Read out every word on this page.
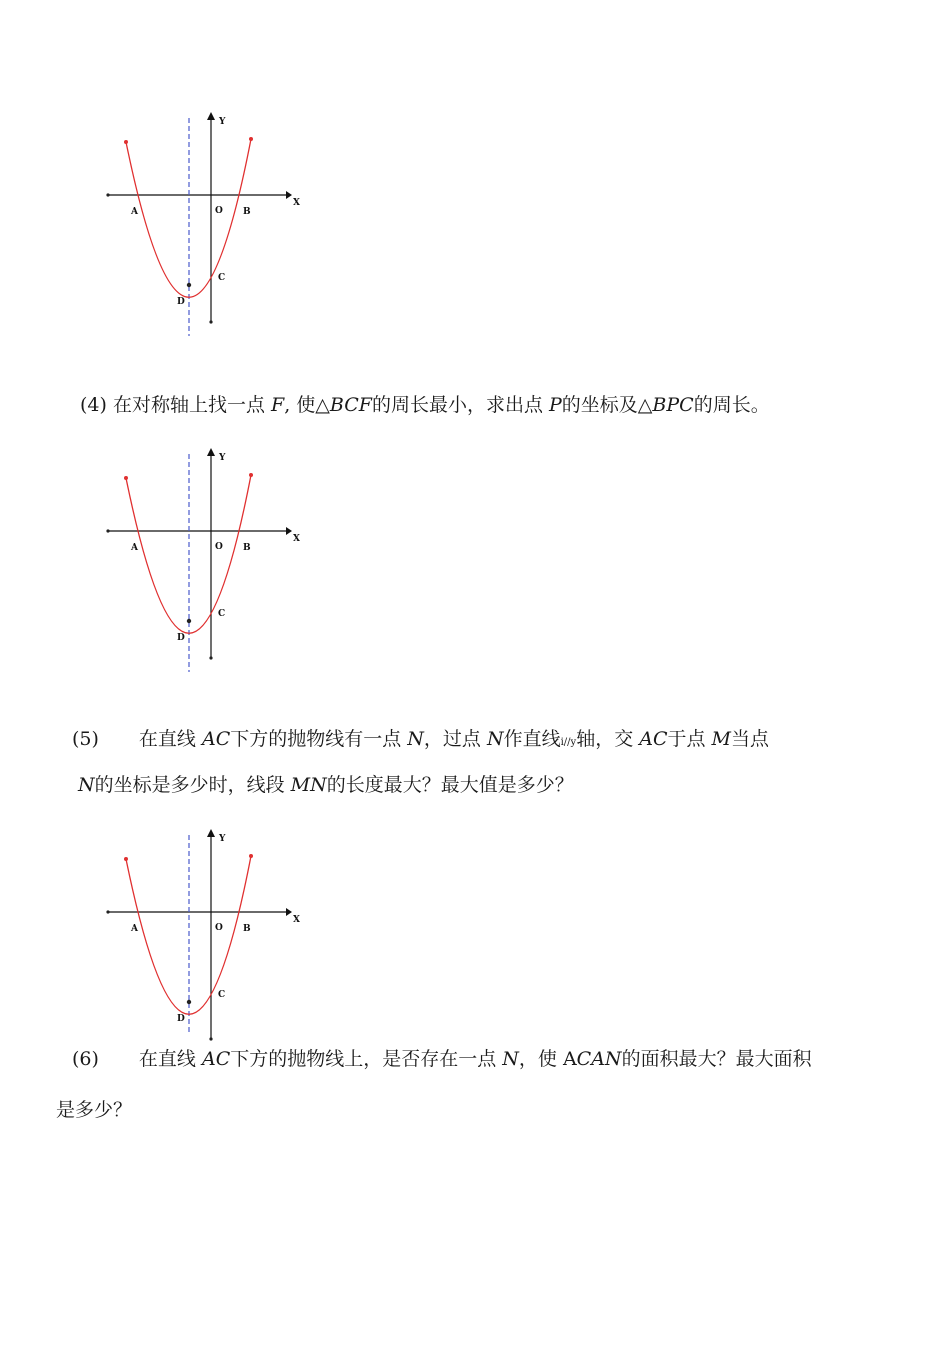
Y
X
O
A	B
C
D
(4) 在对称轴上找一点 F, 使△BCF的周长最小，求出点 P的坐标及△BPC的周长。
Y
X
O
A	B
C
D
(5) 在直线 AC下方的抛物线有一点 N，过点 N作直线i//y轴，交 AC于点 M当点
N的坐标是多少时，线段 MN的长度最大？最大值是多少？
Y
X
O
A	B
C
D
(6) 在直线 AC下方的抛物线上，是否存在一点 N，使 ACAN的面积最大？最大面积
是多少？
